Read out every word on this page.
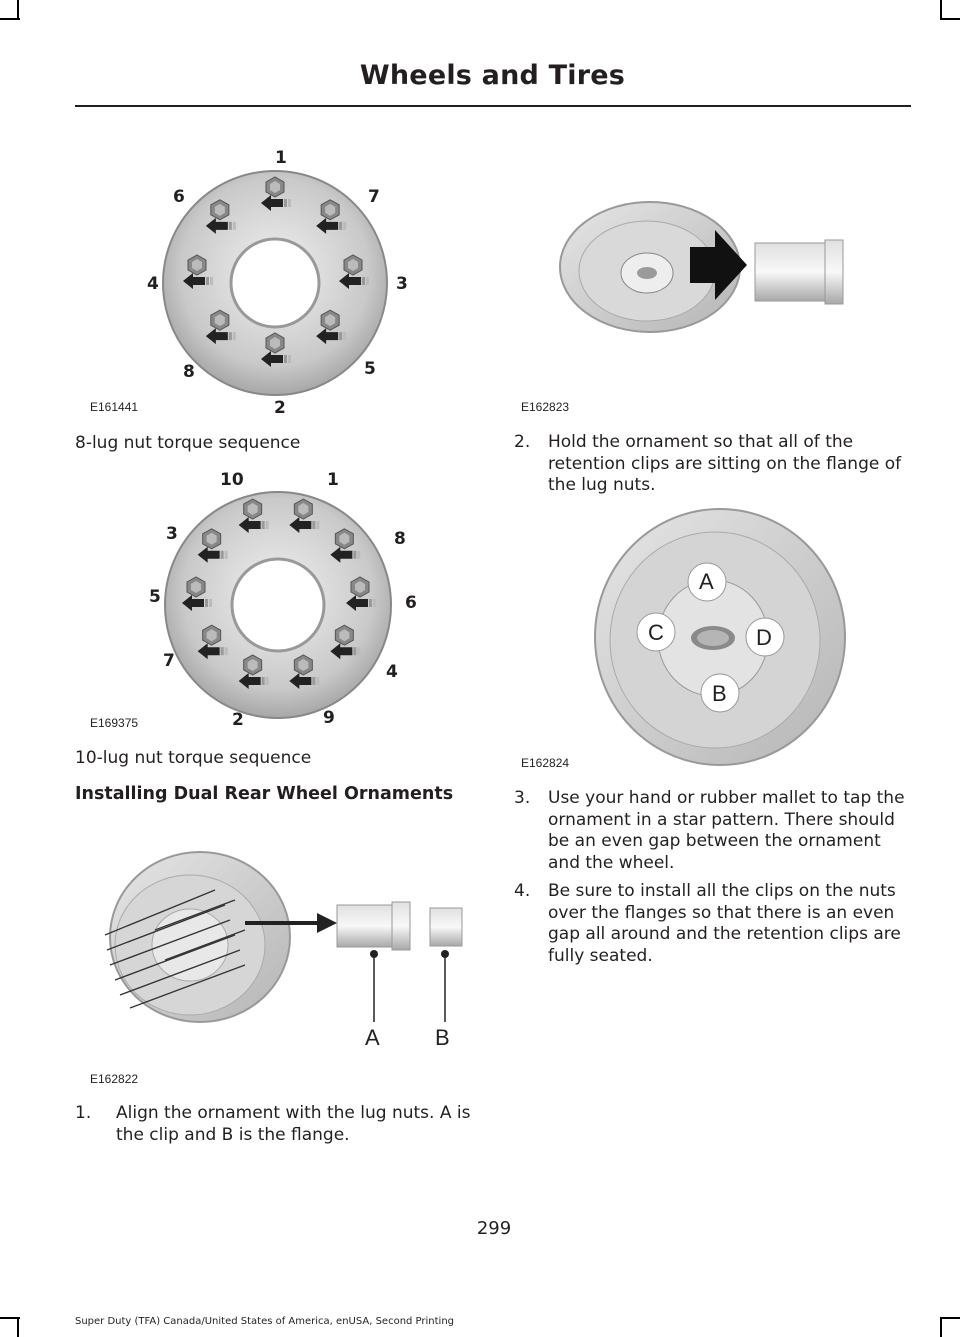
Wheels and Tires
1
7
3
5
2
8
4
6
E161441
8-lug nut torque sequence
1
8
6
4
9
2
7
5
3
10
E169375
10-lug nut torque sequence
Installing Dual Rear Wheel Ornaments
A	B
E162822
1. Align the ornament with the lug nuts. A is the clip and B is the flange.
E162823
2. Hold the ornament so that all of the retention clips are sitting on the flange of the lug nuts.
A
C	D
B
E162824
3. Use your hand or rubber mallet to tap the ornament in a star pattern. There should be an even gap between the ornament and the wheel.
4. Be sure to install all the clips on the nuts over the flanges so that there is an even gap all around and the retention clips are fully seated.
299
Super Duty (TFA) Canada/United States of America, enUSA, Second Printing
